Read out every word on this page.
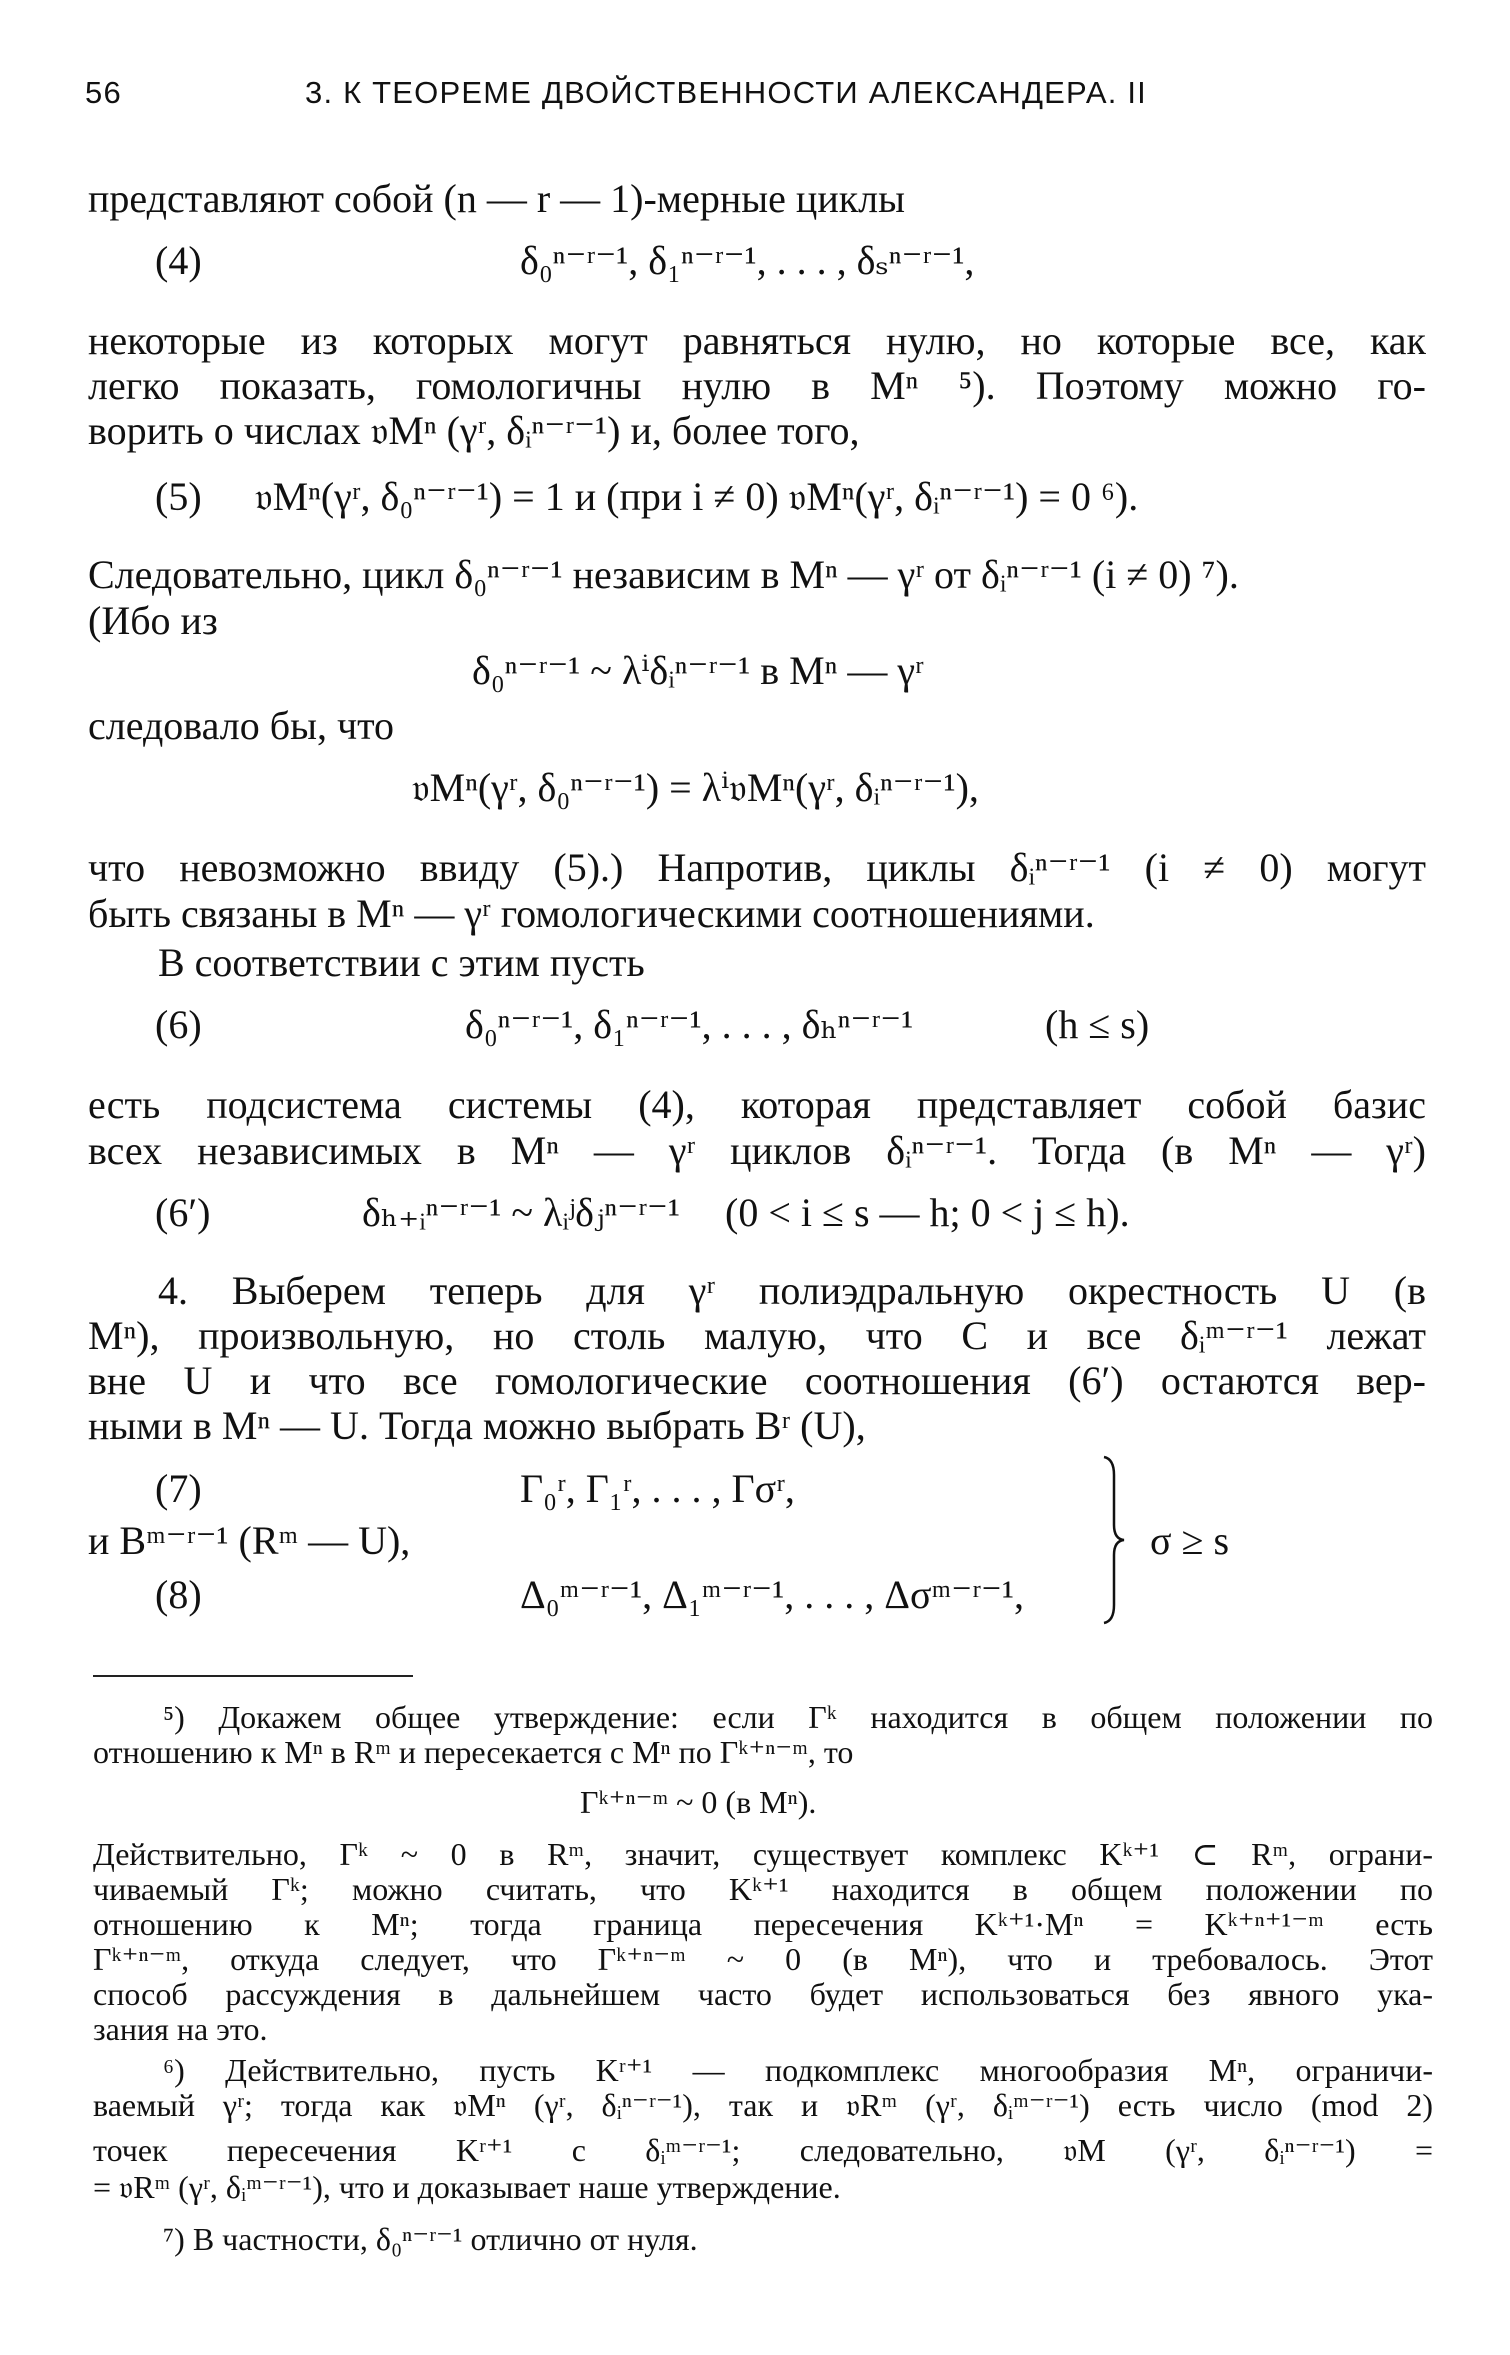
56	3. К ТЕОРЕМЕ ДВОЙСТВЕННОСТИ АЛЕКСАНДЕРА. II
представляют собой (n — r — 1)-мерные циклы
(4)	δ₀ⁿ⁻ʳ⁻¹, δ₁ⁿ⁻ʳ⁻¹, . . . , δₛⁿ⁻ʳ⁻¹,
некоторые из которых могут равняться нулю, но которые все, как
легко показать, гомологичны нулю в Mⁿ ⁵). Поэтому можно го-
ворить о числах 𝔳Mⁿ (γʳ, δᵢⁿ⁻ʳ⁻¹) и, более того,
(5) 𝔳Mⁿ(γʳ, δ₀ⁿ⁻ʳ⁻¹) = 1 и (при i ≠ 0) 𝔳Mⁿ(γʳ, δᵢⁿ⁻ʳ⁻¹) = 0 ⁶).
Следовательно, цикл δ₀ⁿ⁻ʳ⁻¹ независим в Mⁿ — γʳ от δᵢⁿ⁻ʳ⁻¹ (i ≠ 0) ⁷).
(Ибо из
δ₀ⁿ⁻ʳ⁻¹ ~ λⁱδᵢⁿ⁻ʳ⁻¹ в Mⁿ — γʳ
следовало бы, что
𝔳Mⁿ(γʳ, δ₀ⁿ⁻ʳ⁻¹) = λⁱ𝔳Mⁿ(γʳ, δᵢⁿ⁻ʳ⁻¹),
что невозможно ввиду (5).) Напротив, циклы δᵢⁿ⁻ʳ⁻¹ (i ≠ 0) могут
быть связаны в Mⁿ — γʳ гомологическими соотношениями.
В соответствии с этим пусть
(6)	δ₀ⁿ⁻ʳ⁻¹, δ₁ⁿ⁻ʳ⁻¹, . . . , δₕⁿ⁻ʳ⁻¹	(h ≤ s)
есть подсистема системы (4), которая представляет собой базис
всех независимых в Mⁿ — γʳ циклов δᵢⁿ⁻ʳ⁻¹. Тогда (в Mⁿ — γʳ)
(6′)	δₕ₊ᵢⁿ⁻ʳ⁻¹ ~ λᵢʲδⱼⁿ⁻ʳ⁻¹ (0 < i ≤ s — h; 0 < j ≤ h).
4. Выберем теперь для γʳ полиэдральную окрестность U (в
Mⁿ), произвольную, но столь малую, что C и все δᵢᵐ⁻ʳ⁻¹ лежат
вне U и что все гомологические соотношения (6′) остаются вер-
ными в Mⁿ — U. Тогда можно выбрать Bʳ (U),
(7)	Γ₀ʳ, Γ₁ʳ, . . . , Γσʳ,
и Bᵐ⁻ʳ⁻¹ (Rᵐ — U),
(8)	Δ₀ᵐ⁻ʳ⁻¹, Δ₁ᵐ⁻ʳ⁻¹, . . . , Δσᵐ⁻ʳ⁻¹,
σ ≥ s
⁵) Докажем общее утверждение: если Γᵏ находится в общем положении по
отношению к Mⁿ в Rᵐ и пересекается с Mⁿ по Γᵏ⁺ⁿ⁻ᵐ, то
Γᵏ⁺ⁿ⁻ᵐ ~ 0 (в Mⁿ).
Действительно, Γᵏ ~ 0 в Rᵐ, значит, существует комплекс Kᵏ⁺¹ ⊂ Rᵐ, ограни-
чиваемый Γᵏ; можно считать, что Kᵏ⁺¹ находится в общем положении по
отношению к Mⁿ; тогда граница пересечения Kᵏ⁺¹·Mⁿ = Kᵏ⁺ⁿ⁺¹⁻ᵐ есть
Γᵏ⁺ⁿ⁻ᵐ, откуда следует, что Γᵏ⁺ⁿ⁻ᵐ ~ 0 (в Mⁿ), что и требовалось. Этот
способ рассуждения в дальнейшем часто будет использоваться без явного ука-
зания на это.
⁶) Действительно, пусть Kʳ⁺¹ — подкомплекс многообразия Mⁿ, ограничи-
ваемый γʳ; тогда как 𝔳Mⁿ (γʳ, δᵢⁿ⁻ʳ⁻¹), так и 𝔳Rᵐ (γʳ, δᵢᵐ⁻ʳ⁻¹) есть число (mod 2)
точек пересечения Kʳ⁺¹ с δᵢᵐ⁻ʳ⁻¹; следовательно, 𝔳M (γʳ, δᵢⁿ⁻ʳ⁻¹) =
= 𝔳Rᵐ (γʳ, δᵢᵐ⁻ʳ⁻¹), что и доказывает наше утверждение.
⁷) В частности, δ₀ⁿ⁻ʳ⁻¹ отлично от нуля.
